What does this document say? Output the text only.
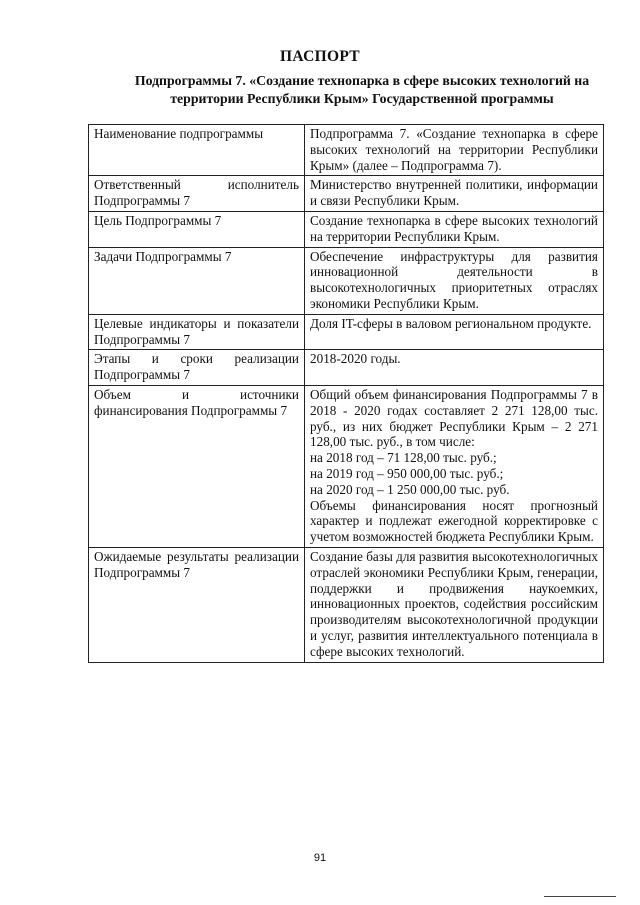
ПАСПОРТ
Подпрограммы 7. «Создание технопарка в сфере высоких технологий на территории Республики Крым» Государственной программы
Наименование подпрограммы	Подпрограмма 7. «Создание технопарка в сфере высоких технологий на территории Республики Крым» (далее – Подпрограмма 7).
Ответственный исполнитель Подпрограммы 7	Министерство внутренней политики, информации и связи Республики Крым.
Цель Подпрограммы 7	Создание технопарка в сфере высоких технологий на территории Республики Крым.
Задачи Подпрограммы 7	Обеспечение инфраструктуры для развития инновационной деятельности в высокотехнологичных приоритетных отраслях экономики Республики Крым.
Целевые индикаторы и показатели Подпрограммы 7	Доля IT-сферы в валовом региональном продукте.
Этапы и сроки реализации Подпрограммы 7	2018-2020 годы.
Объем и источники финансирования Подпрограммы 7	Общий объем финансирования Подпрограммы 7 в 2018 - 2020 годах составляет 2 271 128,00 тыс. руб., из них бюджет Республики Крым – 2 271 128,00 тыс. руб., в том числе:
на 2018 год – 71 128,00 тыс. руб.;
на 2019 год – 950 000,00 тыс. руб.;
на 2020 год – 1 250 000,00 тыс. руб.
Объемы финансирования носят прогнозный характер и подлежат ежегодной корректировке с учетом возможностей бюджета Республики Крым.

Ожидаемые результаты реализации Подпрограммы 7	Создание базы для развития высокотехнологичных отраслей экономики Республики Крым, генерации, поддержки и продвижения наукоемких, инновационных проектов, содействия российским производителям высокотехнологичной продукции и услуг, развития интеллектуального потенциала в сфере высоких технологий.
91
